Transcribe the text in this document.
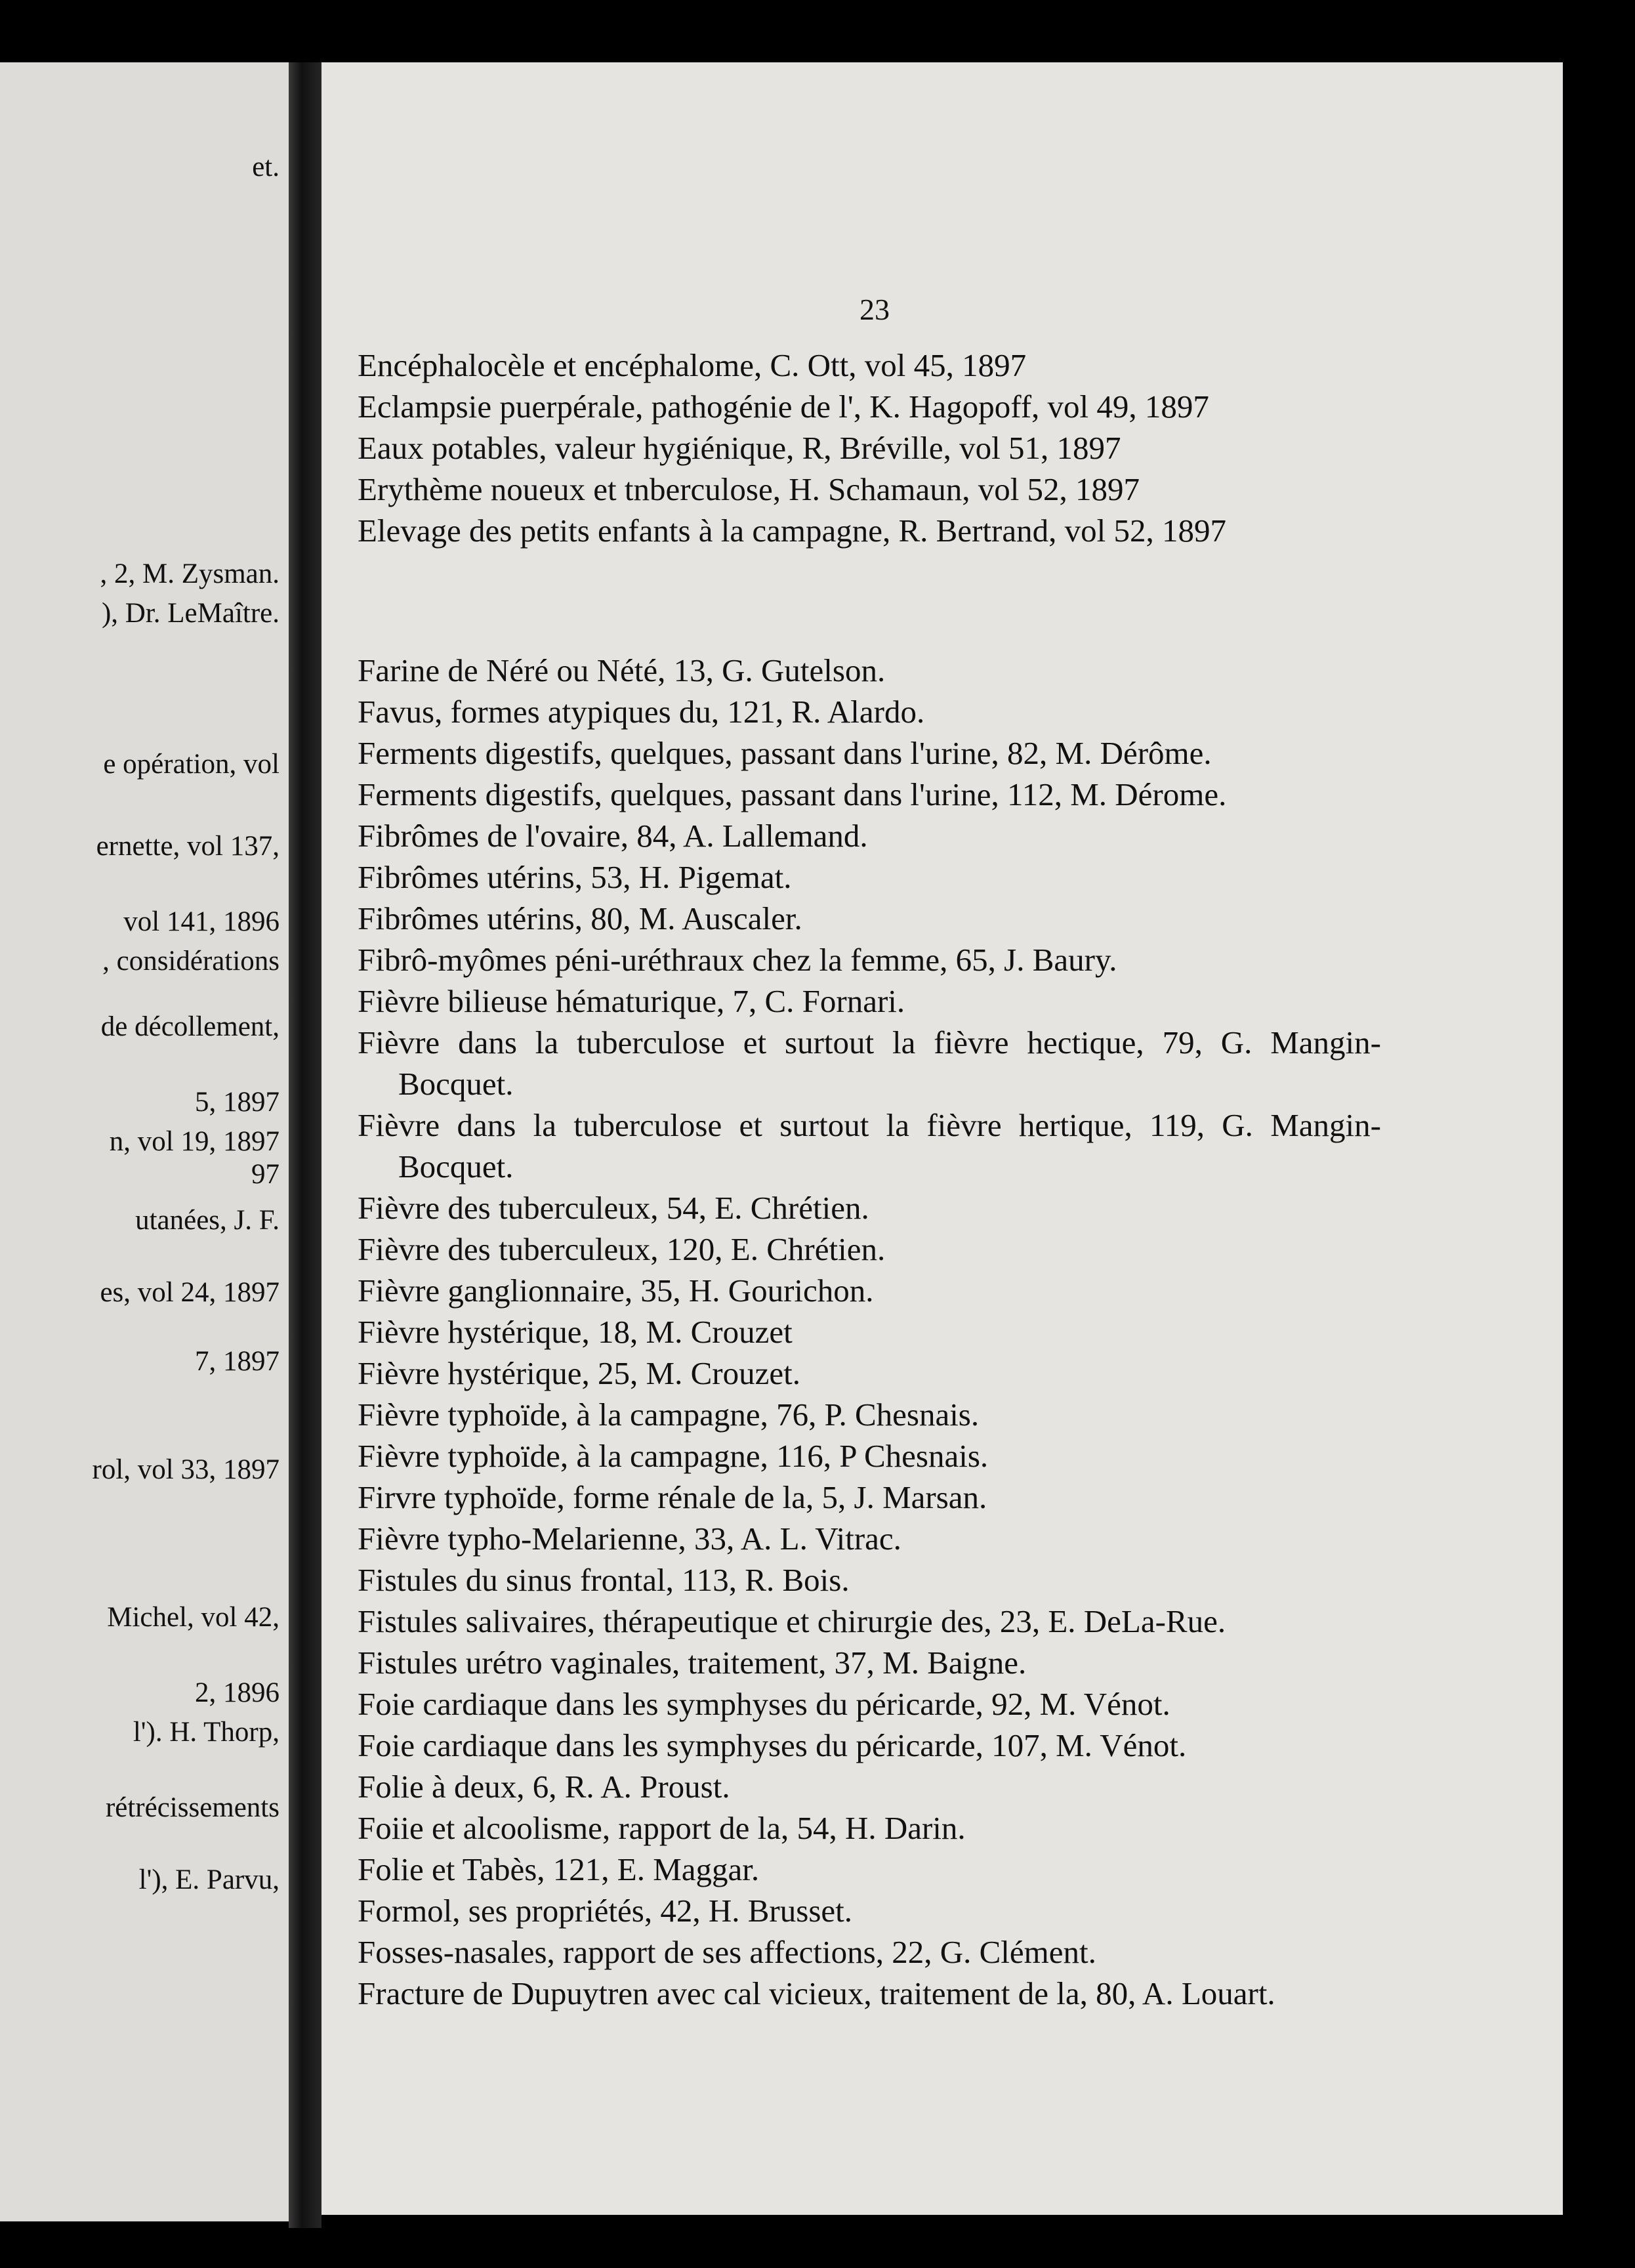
et.
, 2, M. Zysman.
), Dr. LeMaître.
e opération, vol
ernette, vol 137,
vol 141, 1896
, considérations
de décollement,
5, 1897
n, vol 19, 1897
97
utanées, J. F.
es, vol 24, 1897
7, 1897
rol, vol 33, 1897
Michel, vol 42,
2, 1896
l'). H. Thorp,
rétrécissements
l'), E. Parvu,
23

Encéphalocèle et encéphalome, C. Ott, vol 45, 1897

Eclampsie puerpérale, pathogénie de l', K. Hagopoff, vol 49, 1897

Eaux potables, valeur hygiénique, R, Bréville, vol 51, 1897

Erythème noueux et tnberculose, H. Schamaun, vol 52, 1897

Elevage des petits enfants à la campagne, R. Bertrand, vol 52, 1897

Farine de Néré ou Nété, 13, G. Gutelson.

Favus, formes atypiques du, 121, R. Alardo.

Ferments digestifs, quelques, passant dans l'urine, 82, M. Dérôme.

Ferments digestifs, quelques, passant dans l'urine, 112, M. Dérome.

Fibrômes de l'ovaire, 84, A. Lallemand.

Fibrômes utérins, 53, H. Pigemat.

Fibrômes utérins, 80, M. Auscaler.

Fibrô-myômes péni-uréthraux chez la femme, 65, J. Baury.

Fièvre bilieuse hématurique, 7, C. Fornari.

Fièvre dans la tuberculose et surtout la fièvre hectique, 79, G. Mangin-Bocquet.

Fièvre dans la tuberculose et surtout la fièvre hertique, 119, G. Mangin-Bocquet.

Fièvre des tuberculeux, 54, E. Chrétien.

Fièvre des tuberculeux, 120, E. Chrétien.

Fièvre ganglionnaire, 35, H. Gourichon.

Fièvre hystérique, 18, M. Crouzet

Fièvre hystérique, 25, M. Crouzet.

Fièvre typhoïde, à la campagne, 76, P. Chesnais.

Fièvre typhoïde, à la campagne, 116, P Chesnais.

Firvre typhoïde, forme rénale de la, 5, J. Marsan.

Fièvre typho-Melarienne, 33, A. L. Vitrac.

Fistules du sinus frontal, 113, R. Bois.

Fistules salivaires, thérapeutique et chirurgie des, 23, E. DeLa-Rue.

Fistules urétro vaginales, traitement, 37, M. Baigne.

Foie cardiaque dans les symphyses du péricarde, 92, M. Vénot.

Foie cardiaque dans les symphyses du péricarde, 107, M. Vénot.

Folie à deux, 6, R. A. Proust.

Foiie et alcoolisme, rapport de la, 54, H. Darin.

Folie et Tabès, 121, E. Maggar.

Formol, ses propriétés, 42, H. Brusset.

Fosses-nasales, rapport de ses affections, 22, G. Clément.

Fracture de Dupuytren avec cal vicieux, traitement de la, 80, A. Louart.
